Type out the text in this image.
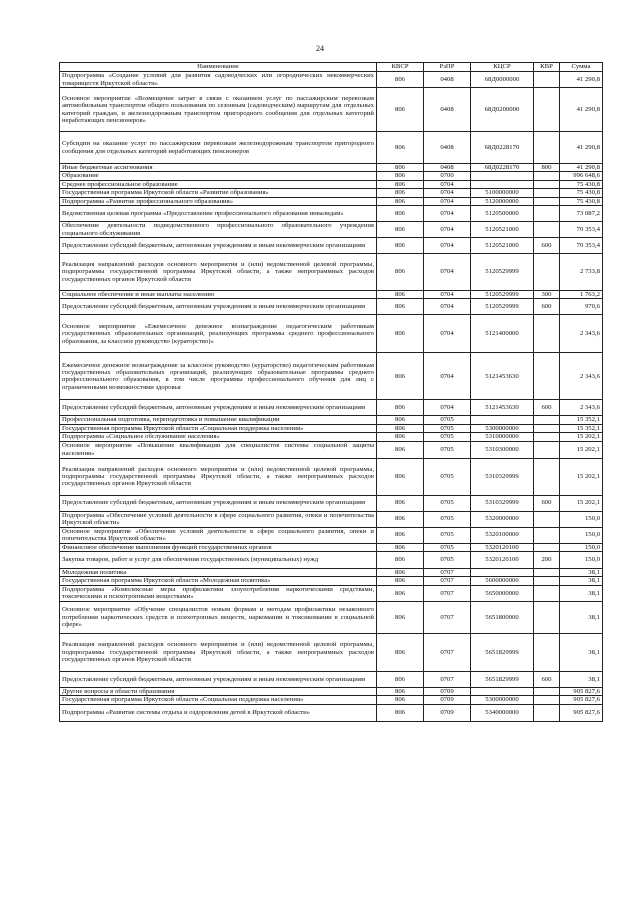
24
Наименование	КВСР	РзПР	КЦСР	КВР	Сумма
Подпрограмма «Создание условий для развития садоводческих или огороднических некоммерческих товариществ Иркутской области»	806	0408	68Д0000000		41 290,8
Основное мероприятие «Возмещение затрат в связи с оказанием услуг по пассажирским перевозкам автомобильным транспортом общего пользования по сезонным (садоводческим) маршрутам для отдельных категорий граждан, и железнодорожным транспортом пригородного сообщения для отдельных категорий неработающих пенсионеров»	806	0408	68Д0200000		41 290,8
Субсидии на оказание услуг по пассажирским перевозкам железнодорожным транспортом пригородного сообщения для отдельных категорий неработающих пенсионеров	806	0408	68Д0228170		41 290,8
Иные бюджетные ассигнования	806	0408	68Д0228170	800	41 290,8
Образование	806	0700			996 648,6
Среднее профессиональное образование	806	0704			75 430,8
Государственная программа Иркутской области «Развитие образования»	806	0704	5100000000		75 430,8
Подпрограмма «Развитие профессионального образования»	806	0704	5120000000		75 430,8
Ведомственная целевая программа «Предоставление профессионального образования инвалидам»	806	0704	5120500000		73 087,2
Обеспечение деятельности подведомственного профессионального образовательного учреждения социального обслуживания	806	0704	5120521000		70 353,4
Предоставление субсидий бюджетным, автономным учреждениям и иным некоммерческим организациям	806	0704	5120521000	600	70 353,4
Реализация направлений расходов основного мероприятия и (или) ведомственной целевой программы, подпрограммы государственной программы Иркутской области, а также непрограммных расходов государственных органов Иркутской области	806	0704	5120529999		2 733,8
Социальное обеспечение и иные выплаты населению	806	0704	5120529999	300	1 763,2
Предоставление субсидий бюджетным, автономным учреждениям и иным некоммерческим организациям	806	0704	5120529999	600	970,6
Основное мероприятие «Ежемесячное денежное вознаграждение педагогическим работникам государственных образовательных организаций, реализующих программы среднего профессионального образования, за классное руководство (кураторство)»	806	0704	5121400000		2 343,6
Ежемесячное денежное вознаграждение за классное руководство (кураторство) педагогическим работникам государственных образовательных организаций, реализующих образовательные программы среднего профессионального образования, в том числе программы профессионального обучения для лиц с ограниченными возможностями здоровья	806	0704	5121453630		2 343,6
Предоставление субсидий бюджетным, автономным учреждениям и иным некоммерческим организациям	806	0704	5121453630	600	2 343,6
Профессиональная подготовка, переподготовка и повышение квалификации	806	0705			15 352,1
Государственная программа Иркутской области «Социальная поддержка населения»	806	0705	5300000000		15 352,1
Подпрограмма «Социальное обслуживание населения»	806	0705	5310000000		15 202,1
Основное мероприятие «Повышение квалификации для специалистов системы социальной защиты населения»	806	0705	5310300000		15 202,1
Реализация направлений расходов основного мероприятия и (или) ведомственной целевой программы, подпрограммы государственной программы Иркутской области, а также непрограммных расходов государственных органов Иркутской области	806	0705	5310329999		15 202,1
Предоставление субсидий бюджетным, автономным учреждениям и иным некоммерческим организациям	806	0705	5310329999	600	15 202,1
Подпрограмма «Обеспечение условий деятельности в сфере социального развития, опеки и попечительства Иркутской области»	806	0705	5320000000		150,0
Основное мероприятие «Обеспечение условий деятельности в сфере социального развития, опеки и попечительства Иркутской области»	806	0705	5320100000		150,0
Финансовое обеспечение выполнения функций государственных органов	806	0705	5320120100		150,0
Закупка товаров, работ и услуг для обеспечения государственных (муниципальных) нужд	806	0705	5320120100	200	150,0
Молодежная политика	806	0707			38,1
Государственная программа Иркутской области «Молодежная политика»	806	0707	5600000000		38,1
Подпрограмма «Комплексные меры профилактики злоупотребления наркотическими средствами, токсическими и психотропными веществами»	806	0707	5650000000		38,1
Основное мероприятие «Обучение специалистов новым формам и методам профилактики незаконного потребления наркотических средств и психотропных веществ, наркомании и токсикомании в социальной сфере»	806	0707	5651800000		38,1
Реализация направлений расходов основного мероприятия и (или) ведомственной целевой программы, подпрограммы государственной программы Иркутской области, а также непрограммных расходов государственных органов Иркутской области	806	0707	5651829999		38,1
Предоставление субсидий бюджетным, автономным учреждениям и иным некоммерческим организациям	806	0707	5651829999	600	38,1
Другие вопросы в области образования	806	0709			905 827,6
Государственная программа Иркутской области «Социальная поддержка населения»	806	0709	5300000000		905 827,6
Подпрограмма «Развитие системы отдыха и оздоровления детей в Иркутской области»	806	0709	5340000000		905 827,6
